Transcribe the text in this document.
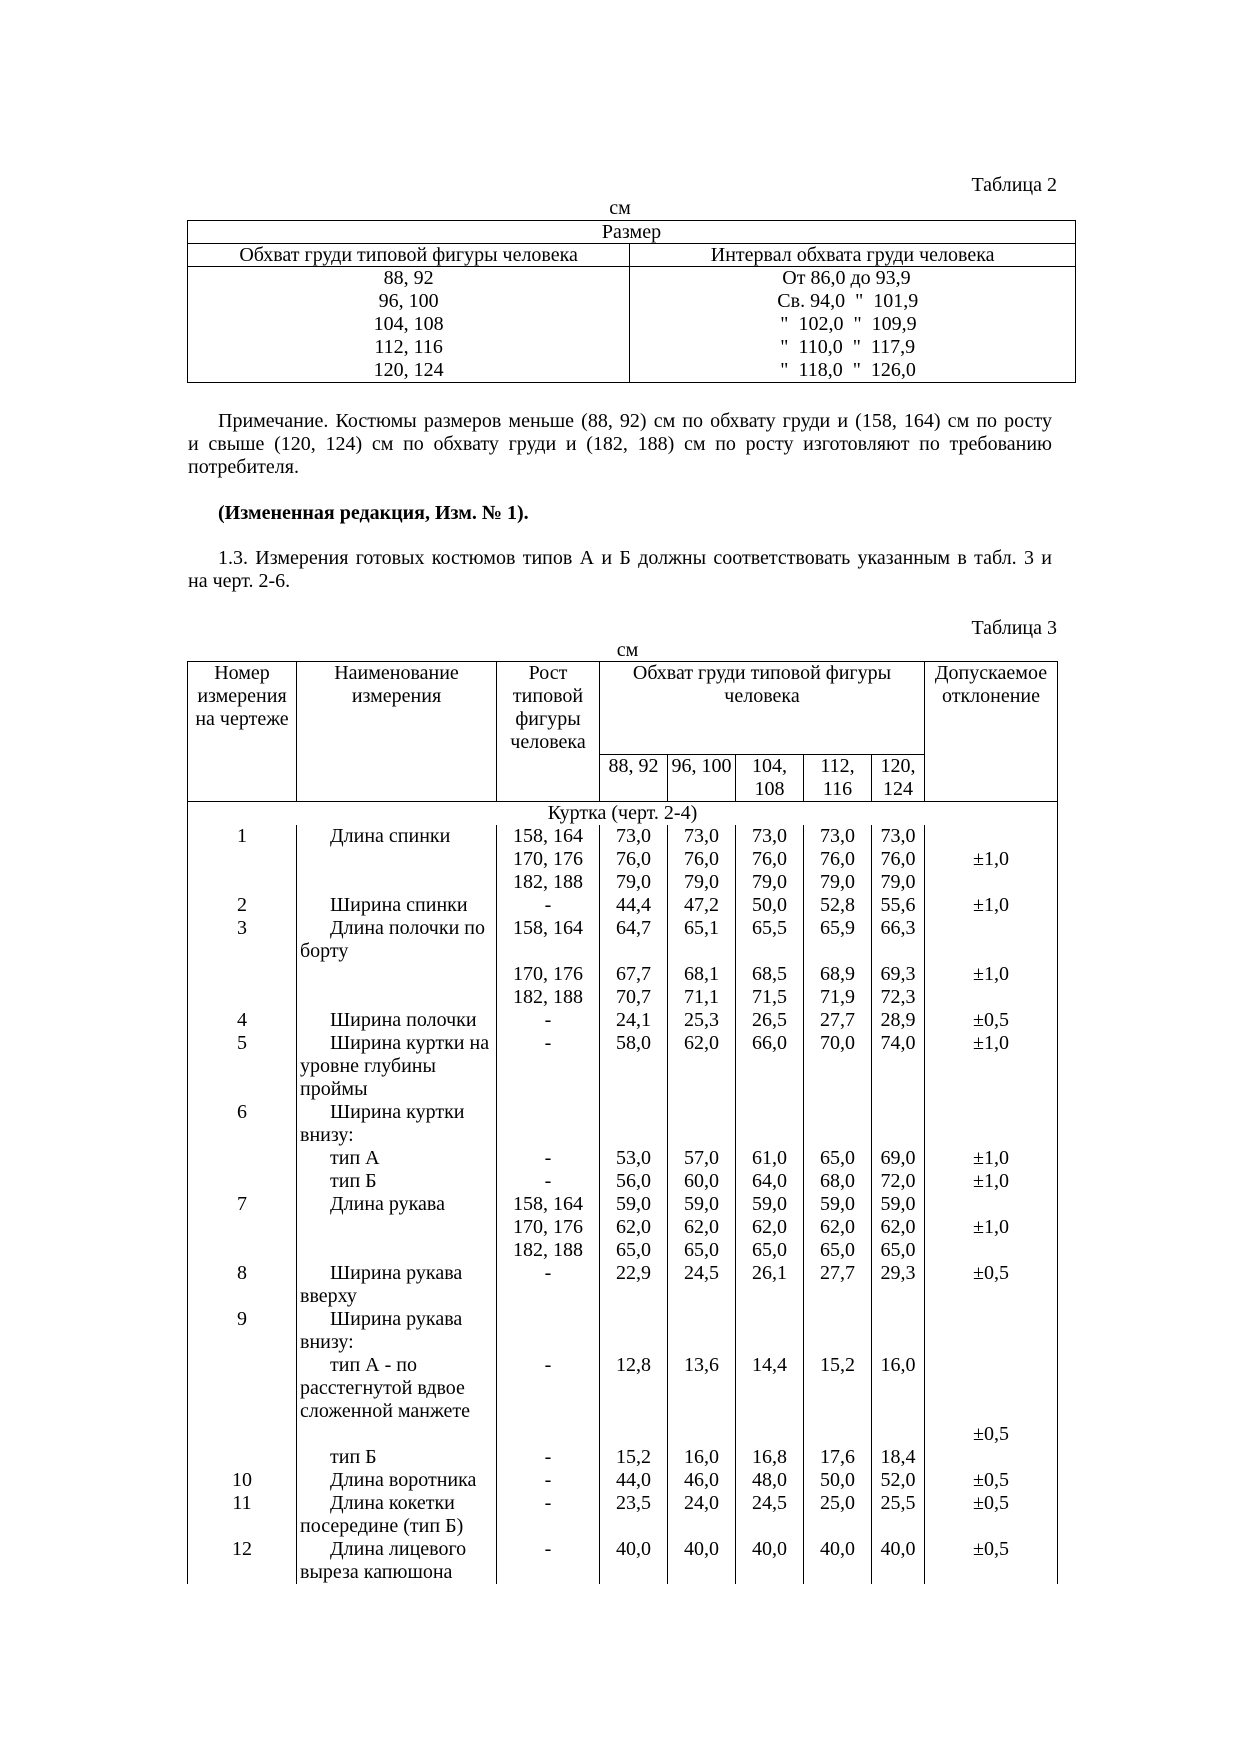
Таблица 2
см
Размер	
Обхват груди типовой фигуры человека	Интервал обхвата груди человека
88, 92	От 86,0 до 93,9
96, 100	Св. 94,0  "  101,9
104, 108	"  102,0  "  109,9
112, 116	"  110,0  "  117,9
120, 124	"  118,0  "  126,0
Примечание. Костюмы размеров меньше (88, 92) см по обхвату груди и (158, 164) см по росту
и свыше (120, 124) см по обхвату груди и (182, 188) см по росту изготовляют по требованию
потребителя.
(Измененная редакция, Изм. № 1).
1.3. Измерения готовых костюмов типов А и Б должны соответствовать указанным в табл. 3 и
на черт. 2-6.
Таблица 3
см
Номер измерения на чертеже	Наименование измерения	Рост типовой фигуры человека	Обхват груди типовой фигуры человека					Допускаемое отклонение
			88, 92	96, 100	104, 108	112, 116	120, 124	
Куртка (черт. 2-4)								
1	Длина спинки	158, 164	73,0	73,0	73,0	73,0	73,0	

	170, 176	76,0	76,0	76,0	76,0	76,0	±1,0

	182, 188	79,0	79,0	79,0	79,0	79,0	
2	Ширина спинки	-	44,4	47,2	50,0	52,8	55,6	±1,0
3	Длина полочки по борту	158, 164	64,7	65,1	65,5	65,9	66,3	

	170, 176	67,7	68,1	68,5	68,9	69,3	±1,0

	182, 188	70,7	71,1	71,5	71,9	72,3	
4	Ширина полочки	-	24,1	25,3	26,5	27,7	28,9	±0,5
5	Ширина куртки на уровне глубины проймы	-	58,0	62,0	66,0	70,0	74,0	±1,0
6	Ширина куртки внизу:							

	тип А	-	53,0	57,0	61,0	65,0	69,0	±1,0

	тип Б	-	56,0	60,0	64,0	68,0	72,0	±1,0
7	Длина рукава	158, 164	59,0	59,0	59,0	59,0	59,0	

	170, 176	62,0	62,0	62,0	62,0	62,0	±1,0

	182, 188	65,0	65,0	65,0	65,0	65,0	
8	Ширина рукава вверху	-	22,9	24,5	26,1	27,7	29,3	±0,5
9	Ширина рукава внизу:							

	тип А - по расстегнутой вдвое сложенной манжете	-	12,8	13,6	14,4	15,2	16,0	

							±0,5

	тип Б	-	15,2	16,0	16,8	17,6	18,4	
10	Длина воротника	-	44,0	46,0	48,0	50,0	52,0	±0,5
11	Длина кокетки посередине (тип Б)	-	23,5	24,0	24,5	25,0	25,5	±0,5
12	Длина лицевого выреза капюшона	-	40,0	40,0	40,0	40,0	40,0	±0,5
